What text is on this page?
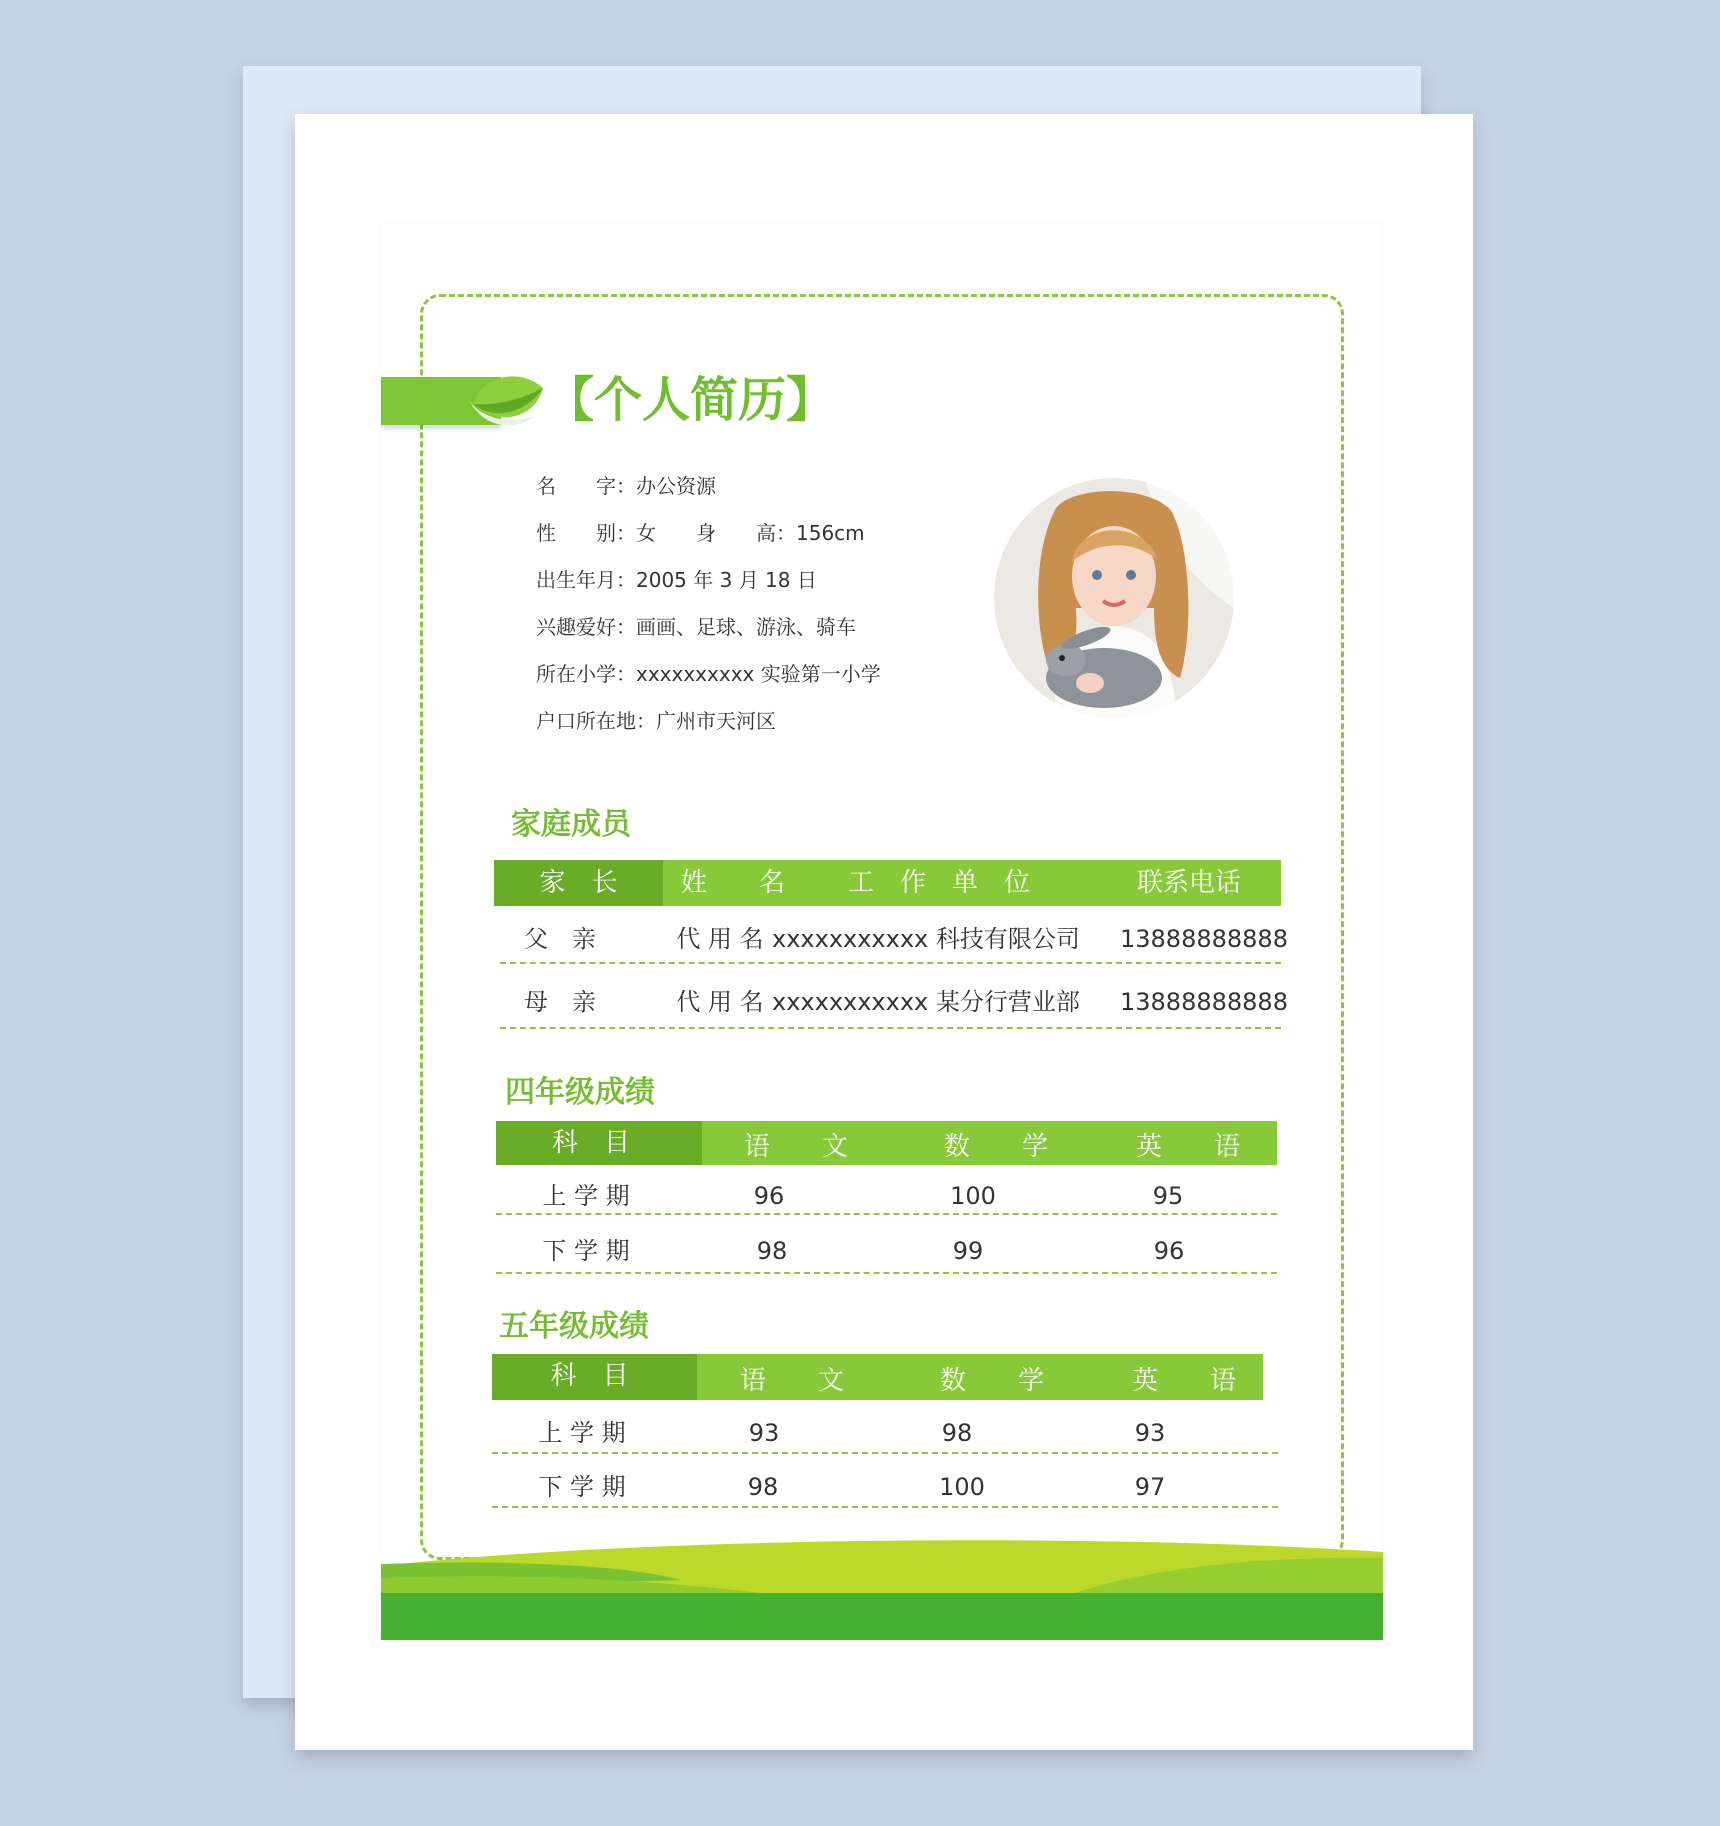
【个人简历】
名　　字：办公资源
性　　别：女　　身　　高：156cm
出生年月：2005 年 3 月 18 日
兴趣爱好：画画、足球、游泳、骑车
所在小学：xxxxxxxxxx 实验第一小学
户口所在地：广州市天河区
家庭成员
家　长	姓　　名	工　作　单　位	联系电话
父　亲	代 用 名 xxxxxxxxxxx 科技有限公司 13888888888
母　亲	代 用 名 xxxxxxxxxxx 某分行营业部 13888888888
四年级成绩
科　目	语　　文	数　　学	英　　语
上 学 期	96	100	95
下 学 期	98	99	96
五年级成绩
科　目	语　　文	数　　学	英　　语
上 学 期	93	98	93
下 学 期	98	100	97
